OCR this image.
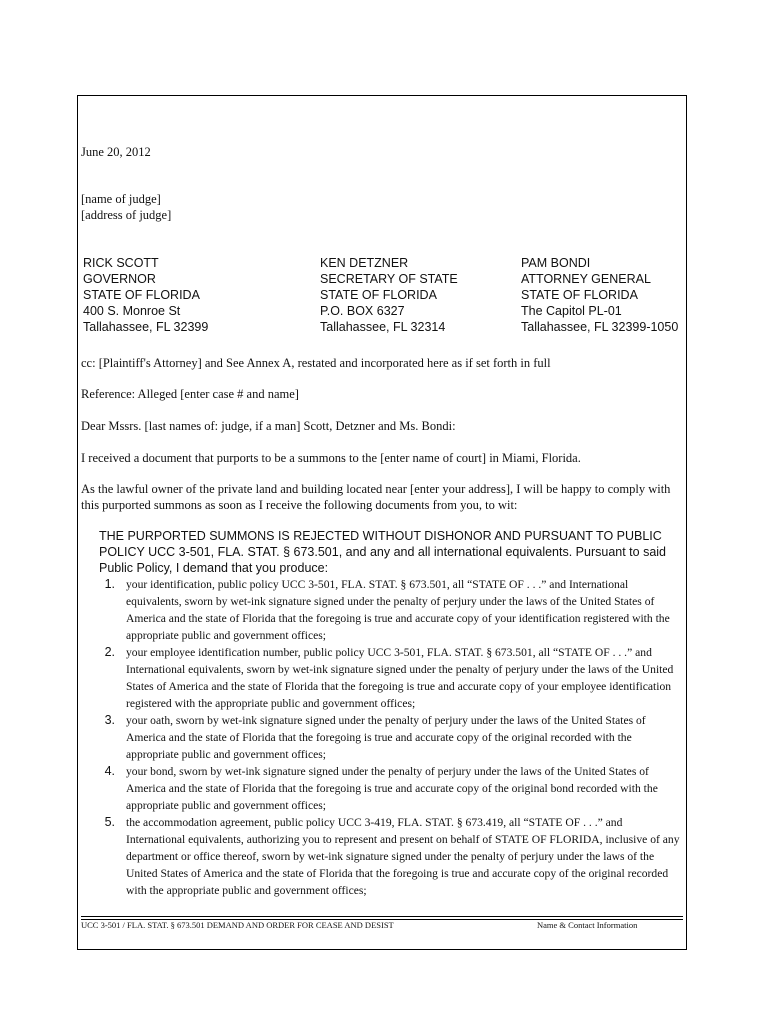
June 20, 2012
[name of judge]
[address of judge]
RICK SCOTT
GOVERNOR
STATE OF FLORIDA
400 S. Monroe St
Tallahassee, FL 32399
KEN DETZNER
SECRETARY OF STATE
STATE OF FLORIDA
P.O. BOX 6327
Tallahassee, FL 32314
PAM BONDI
ATTORNEY GENERAL
STATE OF FLORIDA
The Capitol PL-01
Tallahassee, FL 32399-1050
cc: [Plaintiff's Attorney] and See Annex A, restated and incorporated here as if set forth in full
Reference: Alleged [enter case # and name]
Dear Mssrs. [last names of: judge, if a man] Scott, Detzner and Ms. Bondi:
I received a document that purports to be a summons to the [enter name of court] in Miami, Florida.
As the lawful owner of the private land and building located near [enter your address], I will be happy to comply with this purported summons as soon as I receive the following documents from you, to wit:
THE PURPORTED SUMMONS IS REJECTED WITHOUT DISHONOR AND PURSUANT TO PUBLIC POLICY UCC 3-501, FLA. STAT. § 673.501, and any and all international equivalents. Pursuant to said Public Policy, I demand that you produce:
1. your identification, public policy UCC 3-501, FLA. STAT. § 673.501, all “STATE OF . . .” and International equivalents, sworn by wet-ink signature signed under the penalty of perjury under the laws of the United States of America and the state of Florida that the foregoing is true and accurate copy of your identification registered with the appropriate public and government offices;
2. your employee identification number, public policy UCC 3-501, FLA. STAT. § 673.501, all “STATE OF . . .” and International equivalents, sworn by wet-ink signature signed under the penalty of perjury under the laws of the United States of America and the state of Florida that the foregoing is true and accurate copy of your employee identification registered with the appropriate public and government offices;
3. your oath, sworn by wet-ink signature signed under the penalty of perjury under the laws of the United States of America and the state of Florida that the foregoing is true and accurate copy of the original recorded with the appropriate public and government offices;
4. your bond, sworn by wet-ink signature signed under the penalty of perjury under the laws of the United States of America and the state of Florida that the foregoing is true and accurate copy of the original bond recorded with the appropriate public and government offices;
5. the accommodation agreement, public policy UCC 3-419, FLA. STAT. § 673.419, all “STATE OF . . .” and International equivalents, authorizing you to represent and present on behalf of STATE OF FLORIDA, inclusive of any department or office thereof, sworn by wet-ink signature signed under the penalty of perjury under the laws of the United States of America and the state of Florida that the foregoing is true and accurate copy of the original recorded with the appropriate public and government offices;
UCC 3-501 / FLA. STAT. § 673.501 DEMAND AND ORDER FOR CEASE AND DESIST	Name & Contact Information
